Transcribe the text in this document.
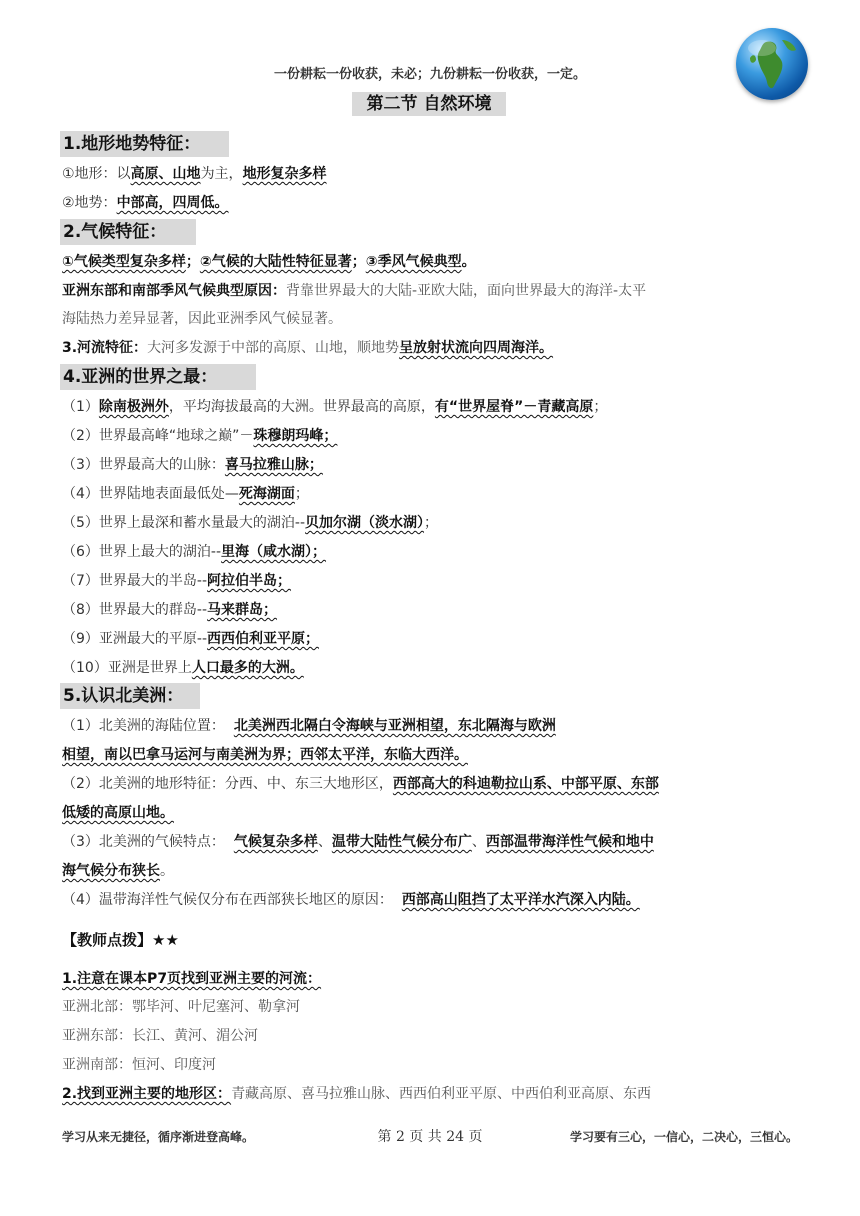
一份耕耘一份收获，未必；九份耕耘一份收获，一定。
第二节 自然环境
1.地形地势特征：
①地形：以高原、山地为主，地形复杂多样
②地势：中部高，四周低。
2.气候特征：
①气候类型复杂多样；②气候的大陆性特征显著；③季风气候典型。
亚洲东部和南部季风气候典型原因：背靠世界最大的大陆-亚欧大陆，面向世界最大的海洋-太平
海陆热力差异显著，因此亚洲季风气候显著。
3.河流特征：大河多发源于中部的高原、山地，顺地势呈放射状流向四周海洋。
4.亚洲的世界之最：
（1）除南极洲外，平均海拔最高的大洲。世界最高的高原，有“世界屋脊”－青藏高原；
（2）世界最高峰“地球之巅”－珠穆朗玛峰；
（3）世界最高大的山脉：喜马拉雅山脉；
（4）世界陆地表面最低处—死海湖面；
（5）世界上最深和蓄水量最大的湖泊--贝加尔湖（淡水湖）；
（6）世界上最大的湖泊--里海（咸水湖）；
（7）世界最大的半岛--阿拉伯半岛；
（8）世界最大的群岛--马来群岛；
（9）亚洲最大的平原--西西伯利亚平原；
（10）亚洲是世界上人口最多的大洲。
5.认识北美洲：
（1）北美洲的海陆位置： 北美洲西北隔白令海峡与亚洲相望，东北隔海与欧洲
相望，南以巴拿马运河与南美洲为界；西邻太平洋，东临大西洋。
（2）北美洲的地形特征：分西、中、东三大地形区，西部高大的科迪勒拉山系、中部平原、东部
低矮的高原山地。
（3）北美洲的气候特点： 气候复杂多样、温带大陆性气候分布广、西部温带海洋性气候和地中
海气候分布狭长。
（4）温带海洋性气候仅分布在西部狭长地区的原因： 西部高山阻挡了太平洋水汽深入内陆。
【教师点拨】★★
1.注意在课本P7页找到亚洲主要的河流：
亚洲北部：鄂毕河、叶尼塞河、勒拿河
亚洲东部：长江、黄河、湄公河
亚洲南部：恒河、印度河
2.找到亚洲主要的地形区：青藏高原、喜马拉雅山脉、西西伯利亚平原、中西伯利亚高原、东西
学习从来无捷径，循序渐进登高峰。	第 2 页 共 24 页	学习要有三心，一信心，二决心，三恒心。
